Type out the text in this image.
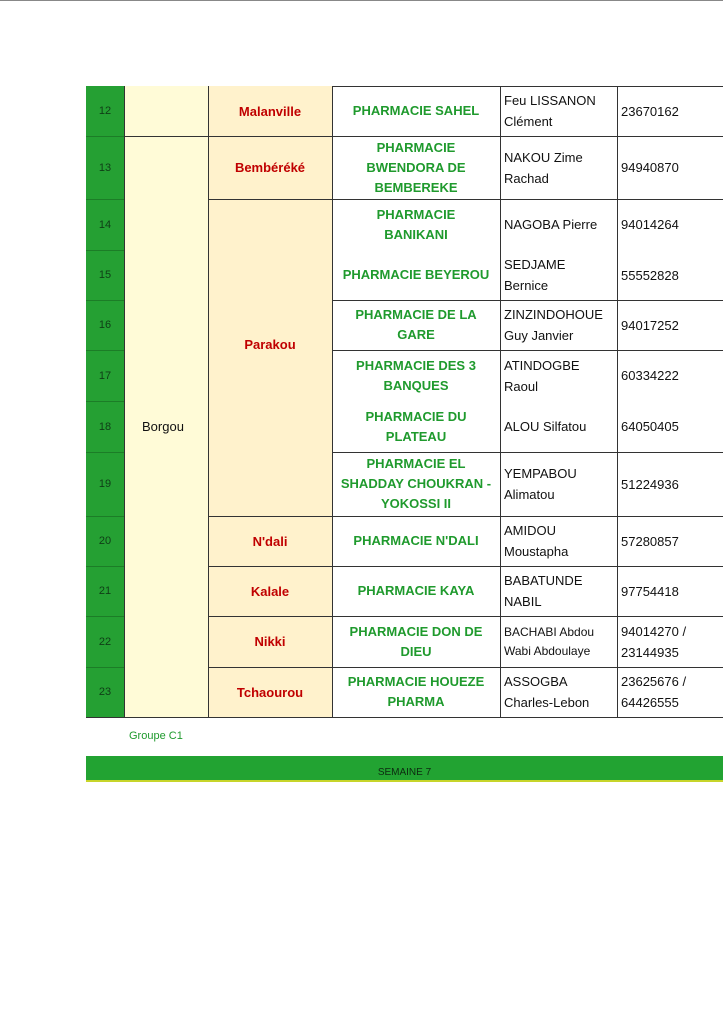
12
13
14
15
16
17
18
19
20
21
22
23
Borgou
Malanville
Bembéréké
Parakou
N'dali
Kalale
Nikki
Tchaourou
PHARMACIE SAHEL
PHARMACIE BWENDORA DE BEMBEREKE
PHARMACIE BANIKANI
PHARMACIE BEYEROU
PHARMACIE DE LA GARE
PHARMACIE DES 3 BANQUES
PHARMACIE DU PLATEAU
PHARMACIE EL SHADDAY CHOUKRAN - YOKOSSI II
PHARMACIE N'DALI
PHARMACIE KAYA
PHARMACIE DON DE DIEU
PHARMACIE HOUEZE PHARMA
Feu LISSANON Clément
NAKOU Zime Rachad
NAGOBA Pierre
SEDJAME Bernice
ZINZINDOHOUE Guy Janvier
ATINDOGBE Raoul
ALOU Silfatou
YEMPABOU Alimatou
AMIDOU Moustapha
BABATUNDE NABIL
BACHABI Abdou Wabi Abdoulaye
ASSOGBA Charles-Lebon
23670162
94940870
94014264
55552828
94017252
60334222
64050405
51224936
57280857
97754418
94014270 / 23144935
23625676 / 64426555
Groupe C1
SEMAINE 7
